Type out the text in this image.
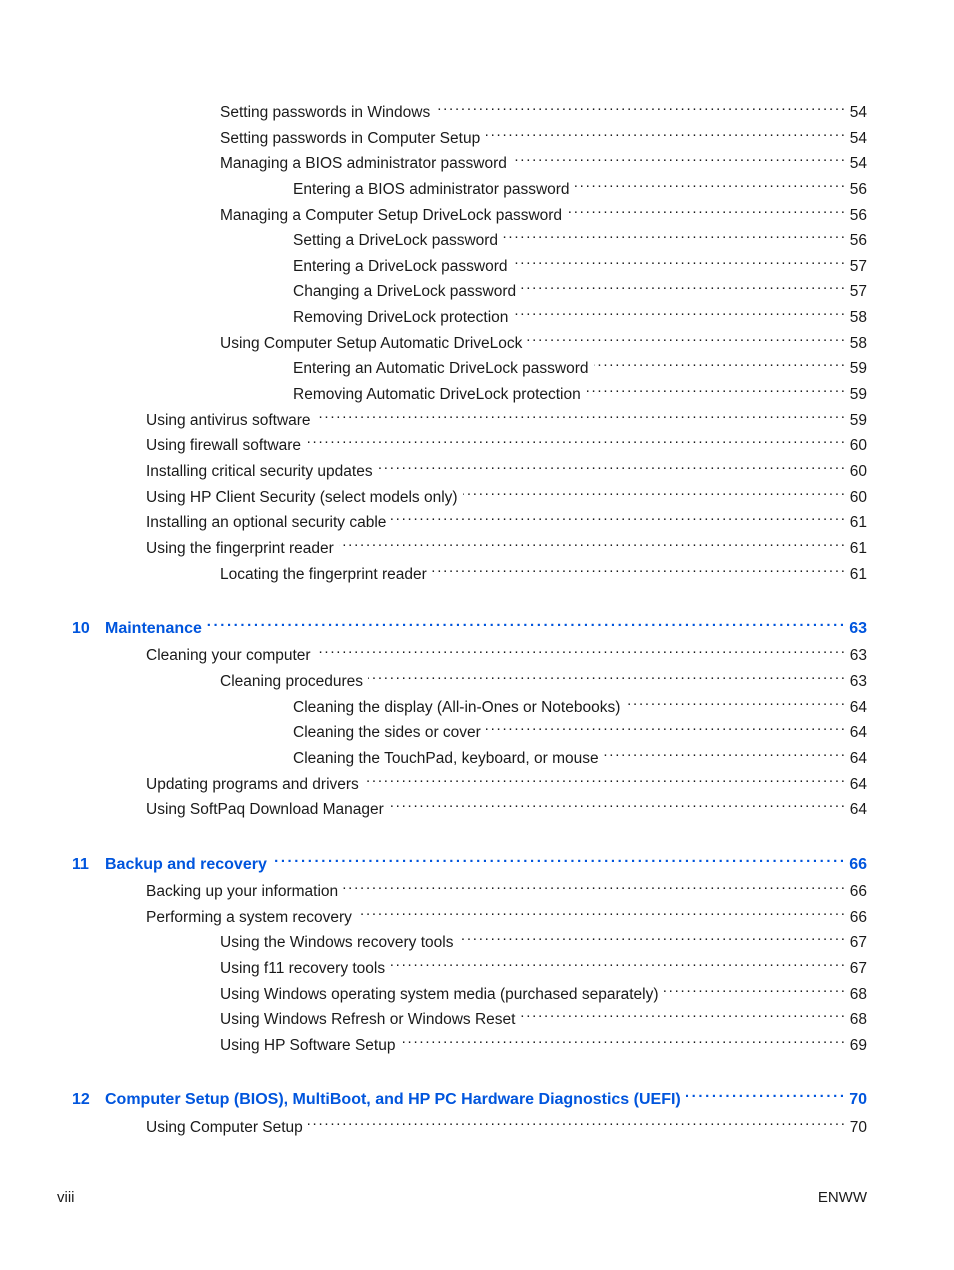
Setting passwords in Windows . . .	54
Setting passwords in Computer Setup . . .	54
Managing a BIOS administrator password . . .	54
Entering a BIOS administrator password . . .	56
Managing a Computer Setup DriveLock password . . .	56
Setting a DriveLock password . . .	56
Entering a DriveLock password . . .	57
Changing a DriveLock password . . .	57
Removing DriveLock protection . . .	58
Using Computer Setup Automatic DriveLock . . .	58
Entering an Automatic DriveLock password . . .	59
Removing Automatic DriveLock protection . . .	59
Using antivirus software . . .	59
Using firewall software . . .	60
Installing critical security updates . . .	60
Using HP Client Security (select models only) . . .	60
Installing an optional security cable . . .	61
Using the fingerprint reader . . .	61
Locating the fingerprint reader . . .	61
10 Maintenance . . .	63
Cleaning your computer . . .	63
Cleaning procedures . . .	63
Cleaning the display (All-in-Ones or Notebooks) . . .	64
Cleaning the sides or cover . . .	64
Cleaning the TouchPad, keyboard, or mouse . . .	64
Updating programs and drivers . . .	64
Using SoftPaq Download Manager . . .	64
11 Backup and recovery . . .	66
Backing up your information . . .	66
Performing a system recovery . . .	66
Using the Windows recovery tools . . .	67
Using f11 recovery tools . . .	67
Using Windows operating system media (purchased separately) . . .	68
Using Windows Refresh or Windows Reset . . .	68
Using HP Software Setup . . .	69
12 Computer Setup (BIOS), MultiBoot, and HP PC Hardware Diagnostics (UEFI) . . .	70
Using Computer Setup . . .	70
viii	ENWW
